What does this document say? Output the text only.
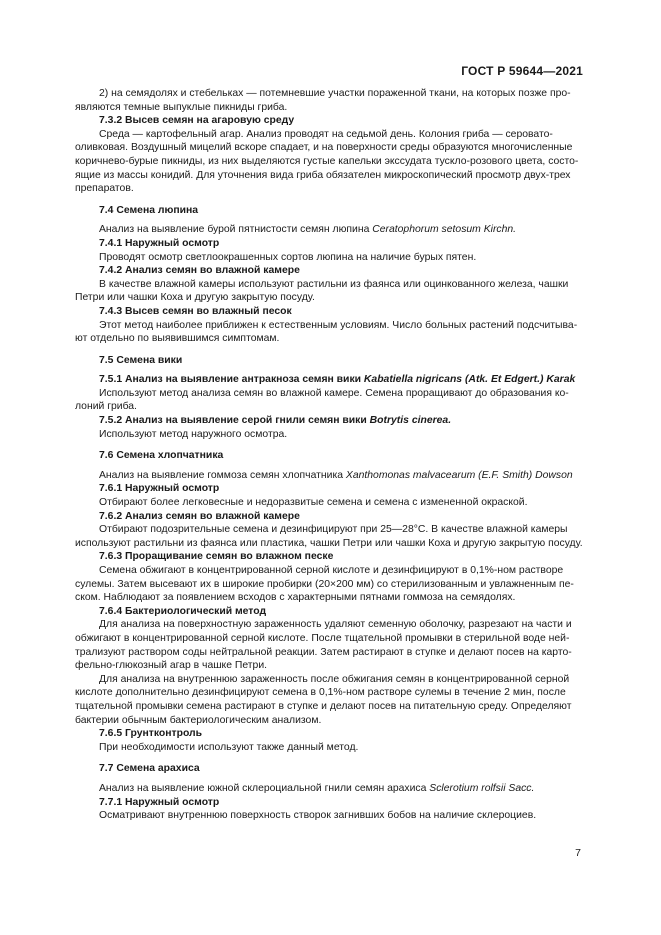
ГОСТ Р 59644—2021
2) на семядолях и стебельках — потемневшие участки пораженной ткани, на которых позже про-
являются темные выпуклые пикниды гриба.
7.3.2 Высев семян на агаровую среду
Среда — картофельный агар. Анализ проводят на седьмой день. Колония гриба — серовато-
оливковая. Воздушный мицелий вскоре спадает, и на поверхности среды образуются многочисленные
коричнево-бурые пикниды, из них выделяются густые капельки экссудата тускло-розового цвета, состо-
ящие из массы конидий. Для уточнения вида гриба обязателен микроскопический просмотр двух-трех
препаратов.
7.4 Семена люпина
Анализ на выявление бурой пятнистости семян люпина Ceratophorum setosum Kirchn.
7.4.1 Наружный осмотр
Проводят осмотр светлоокрашенных сортов люпина на наличие бурых пятен.
7.4.2 Анализ семян во влажной камере
В качестве влажной камеры используют растильни из фаянса или оцинкованного железа, чашки
Петри или чашки Коха и другую закрытую посуду.
7.4.3 Высев семян во влажный песок
Этот метод наиболее приближен к естественным условиям. Число больных растений подсчитыва-
ют отдельно по выявившимся симптомам.
7.5 Семена вики
7.5.1 Анализ на выявление антракноза семян вики Kabatiella nigricans (Atk. Et Edgert.) Karak
Используют метод анализа семян во влажной камере. Семена проращивают до образования ко-
лоний гриба.
7.5.2 Анализ на выявление серой гнили семян вики Botrytis cinerea.
Используют метод наружного осмотра.
7.6 Семена хлопчатника
Анализ на выявление гоммоза семян хлопчатника Xanthomonas malvacearum (E.F. Smith) Dowson
7.6.1 Наружный осмотр
Отбирают более легковесные и недоразвитые семена и семена с измененной окраской.
7.6.2 Анализ семян во влажной камере
Отбирают подозрительные семена и дезинфицируют при 25—28°С. В качестве влажной камеры
используют растильни из фаянса или пластика, чашки Петри или чашки Коха и другую закрытую посуду.
7.6.3 Проращивание семян во влажном песке
Семена обжигают в концентрированной серной кислоте и дезинфицируют в 0,1%-ном растворе
сулемы. Затем высевают их в широкие пробирки (20×200 мм) со стерилизованным и увлажненным пе-
ском. Наблюдают за появлением всходов с характерными пятнами гоммоза на семядолях.
7.6.4 Бактериологический метод
Для анализа на поверхностную зараженность удаляют семенную оболочку, разрезают на части и
обжигают в концентрированной серной кислоте. После тщательной промывки в стерильной воде ней-
трализуют раствором соды нейтральной реакции. Затем растирают в ступке и делают посев на карто-
фельно-глюкозный агар в чашке Петри.
Для анализа на внутреннюю зараженность после обжигания семян в концентрированной серной
кислоте дополнительно дезинфицируют семена в 0,1%-ном растворе сулемы в течение 2 мин, после
тщательной промывки семена растирают в ступке и делают посев на питательную среду. Определяют
бактерии обычным бактериологическим анализом.
7.6.5 Грунтконтроль
При необходимости используют также данный метод.
7.7 Семена арахиса
Анализ на выявление южной склероциальной гнили семян арахиса Sclerotium rolfsii Sacc.
7.7.1 Наружный осмотр
Осматривают внутреннюю поверхность створок загнивших бобов на наличие склероциев.
7
